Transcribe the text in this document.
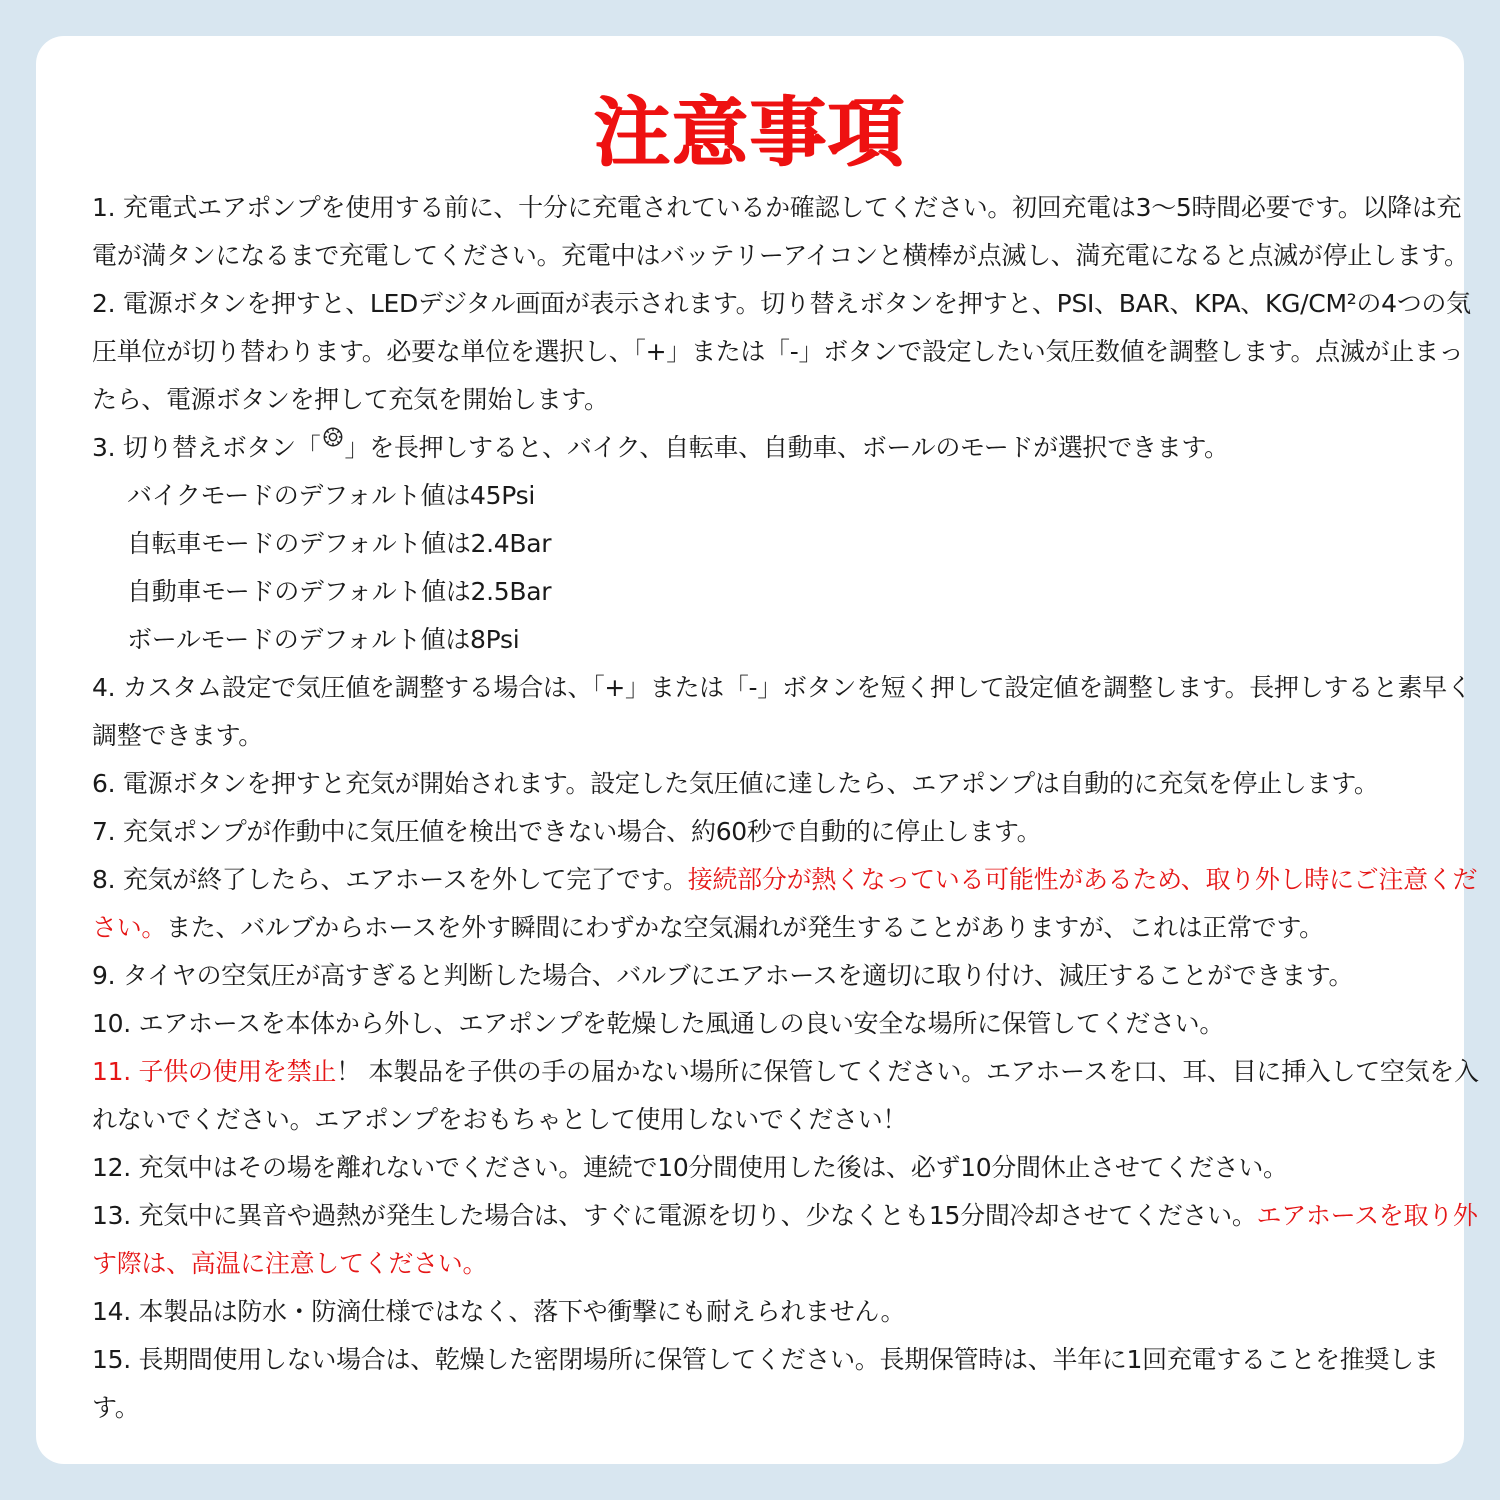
注意事項

1. 充電式エアポンプを使用する前に、十分に充電されているか確認してください。初回充電は3～5時間必要です。以降は充電が満タンになるまで充電してください。充電中はバッテリーアイコンと横棒が点滅し、満充電になると点滅が停止します。

2. 電源ボタンを押すと、LEDデジタル画面が表示されます。切り替えボタンを押すと、PSI、BAR、KPA、KG/CM²の4つの気圧単位が切り替わります。必要な単位を選択し、「+」または「-」ボタンで設定したい気圧数値を調整します。点滅が止まったら、電源ボタンを押して充気を開始します。

3. 切り替えボタン「 」を長押しすると、バイク、自転車、自動車、ボールのモードが選択できます。

バイクモードのデフォルト値は45Psi

自転車モードのデフォルト値は2.4Bar

自動車モードのデフォルト値は2.5Bar

ボールモードのデフォルト値は8Psi

4. カスタム設定で気圧値を調整する場合は、「+」または「-」ボタンを短く押して設定値を調整します。長押しすると素早く調整できます。

6. 電源ボタンを押すと充気が開始されます。設定した気圧値に達したら、エアポンプは自動的に充気を停止します。

7. 充気ポンプが作動中に気圧値を検出できない場合、約60秒で自動的に停止します。

8. 充気が終了したら、エアホースを外して完了です。接続部分が熱くなっている可能性があるため、取り外し時にご注意ください。また、バルブからホースを外す瞬間にわずかな空気漏れが発生することがありますが、これは正常です。

9. タイヤの空気圧が高すぎると判断した場合、バルブにエアホースを適切に取り付け、減圧することができます。

10. エアホースを本体から外し、エアポンプを乾燥した風通しの良い安全な場所に保管してください。

11. 子供の使用を禁止！ 本製品を子供の手の届かない場所に保管してください。エアホースを口、耳、目に挿入して空気を入れないでください。エアポンプをおもちゃとして使用しないでください！

12. 充気中はその場を離れないでください。連続で10分間使用した後は、必ず10分間休止させてください。

13. 充気中に異音や過熱が発生した場合は、すぐに電源を切り、少なくとも15分間冷却させてください。エアホースを取り外す際は、高温に注意してください。

14. 本製品は防水・防滴仕様ではなく、落下や衝撃にも耐えられません。

15. 長期間使用しない場合は、乾燥した密閉場所に保管してください。長期保管時は、半年に1回充電することを推奨します。
